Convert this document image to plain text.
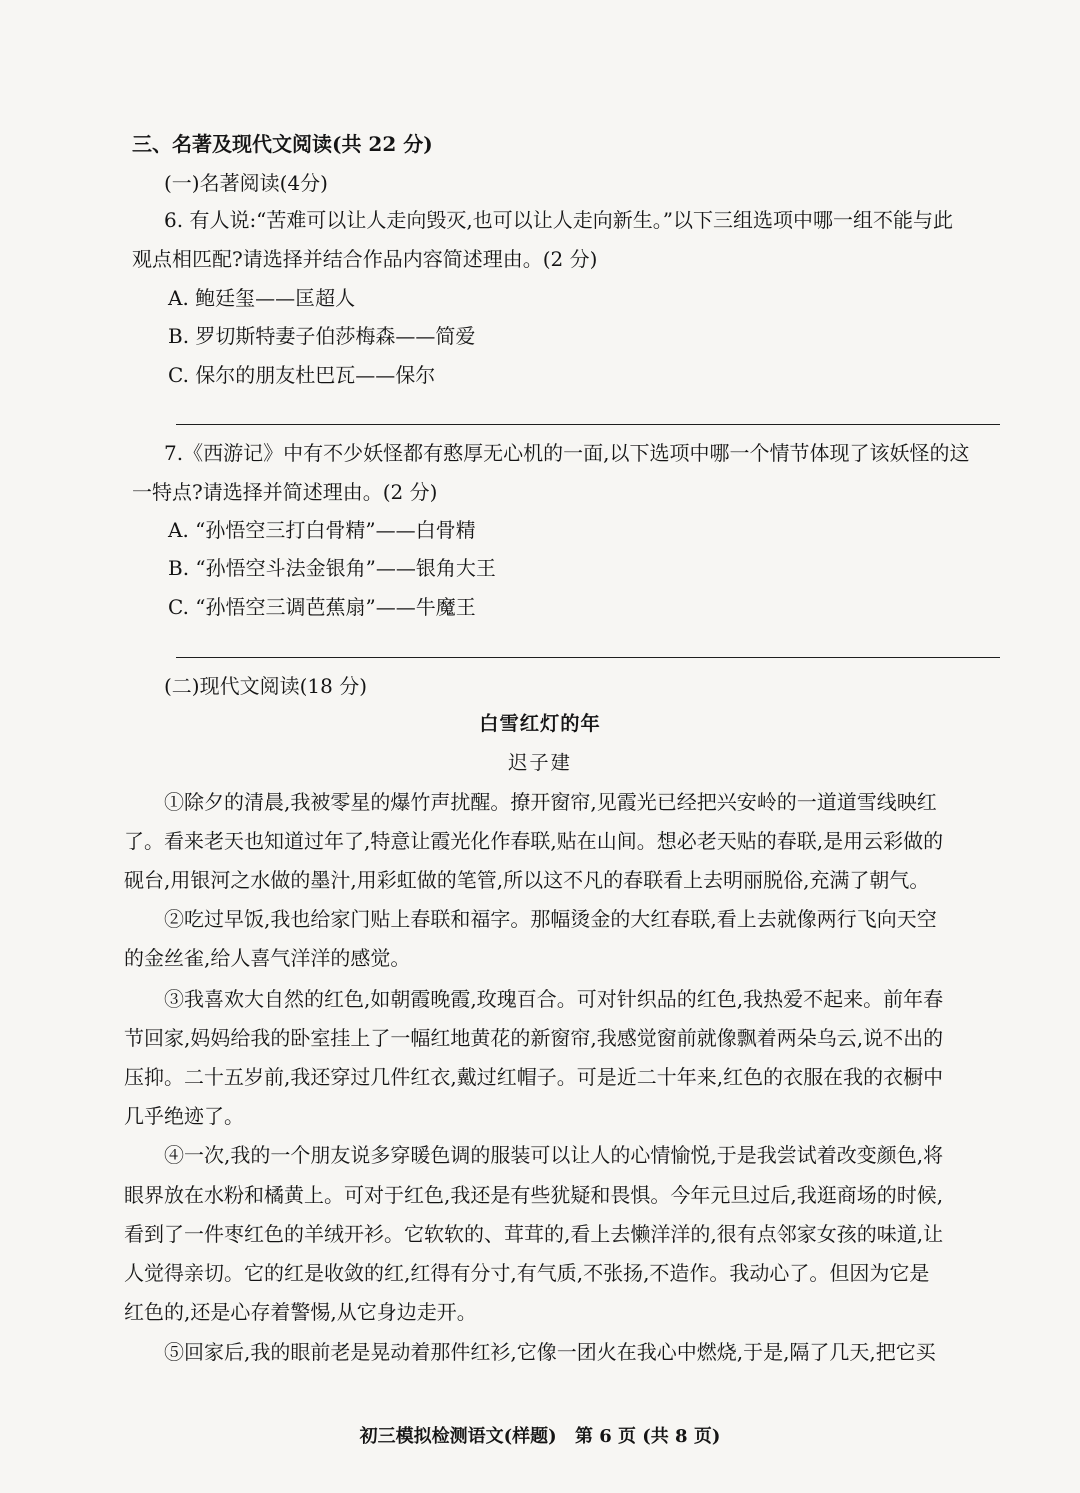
三、名著及现代文阅读(共 22 分)
(一)名著阅读(4分)
6. 有人说:“苦难可以让人走向毁灭,也可以让人走向新生。”以下三组选项中哪一组不能与此
观点相匹配?请选择并结合作品内容简述理由。(2 分)
A. 鲍廷玺——匡超人
B. 罗切斯特妻子伯莎梅森——简爱
C. 保尔的朋友杜巴瓦——保尔
7.《西游记》中有不少妖怪都有憨厚无心机的一面,以下选项中哪一个情节体现了该妖怪的这
一特点?请选择并简述理由。(2 分)
A. “孙悟空三打白骨精”——白骨精
B. “孙悟空斗法金银角”——银角大王
C. “孙悟空三调芭蕉扇”——牛魔王
(二)现代文阅读(18 分)
白雪红灯的年
迟子建
①除夕的清晨,我被零星的爆竹声扰醒。撩开窗帘,见霞光已经把兴安岭的一道道雪线映红
了。看来老天也知道过年了,特意让霞光化作春联,贴在山间。想必老天贴的春联,是用云彩做的
砚台,用银河之水做的墨汁,用彩虹做的笔管,所以这不凡的春联看上去明丽脱俗,充满了朝气。
②吃过早饭,我也给家门贴上春联和福字。那幅烫金的大红春联,看上去就像两行飞向天空
的金丝雀,给人喜气洋洋的感觉。
③我喜欢大自然的红色,如朝霞晚霞,玫瑰百合。可对针织品的红色,我热爱不起来。前年春
节回家,妈妈给我的卧室挂上了一幅红地黄花的新窗帘,我感觉窗前就像飘着两朵乌云,说不出的
压抑。二十五岁前,我还穿过几件红衣,戴过红帽子。可是近二十年来,红色的衣服在我的衣橱中
几乎绝迹了。
④一次,我的一个朋友说多穿暖色调的服装可以让人的心情愉悦,于是我尝试着改变颜色,将
眼界放在水粉和橘黄上。可对于红色,我还是有些犹疑和畏惧。今年元旦过后,我逛商场的时候,
看到了一件枣红色的羊绒开衫。它软软的、茸茸的,看上去懒洋洋的,很有点邻家女孩的味道,让
人觉得亲切。它的红是收敛的红,红得有分寸,有气质,不张扬,不造作。我动心了。但因为它是
红色的,还是心存着警惕,从它身边走开。
⑤回家后,我的眼前老是晃动着那件红衫,它像一团火在我心中燃烧,于是,隔了几天,把它买
初三模拟检测语文(样题) 第 6 页 (共 8 页)
